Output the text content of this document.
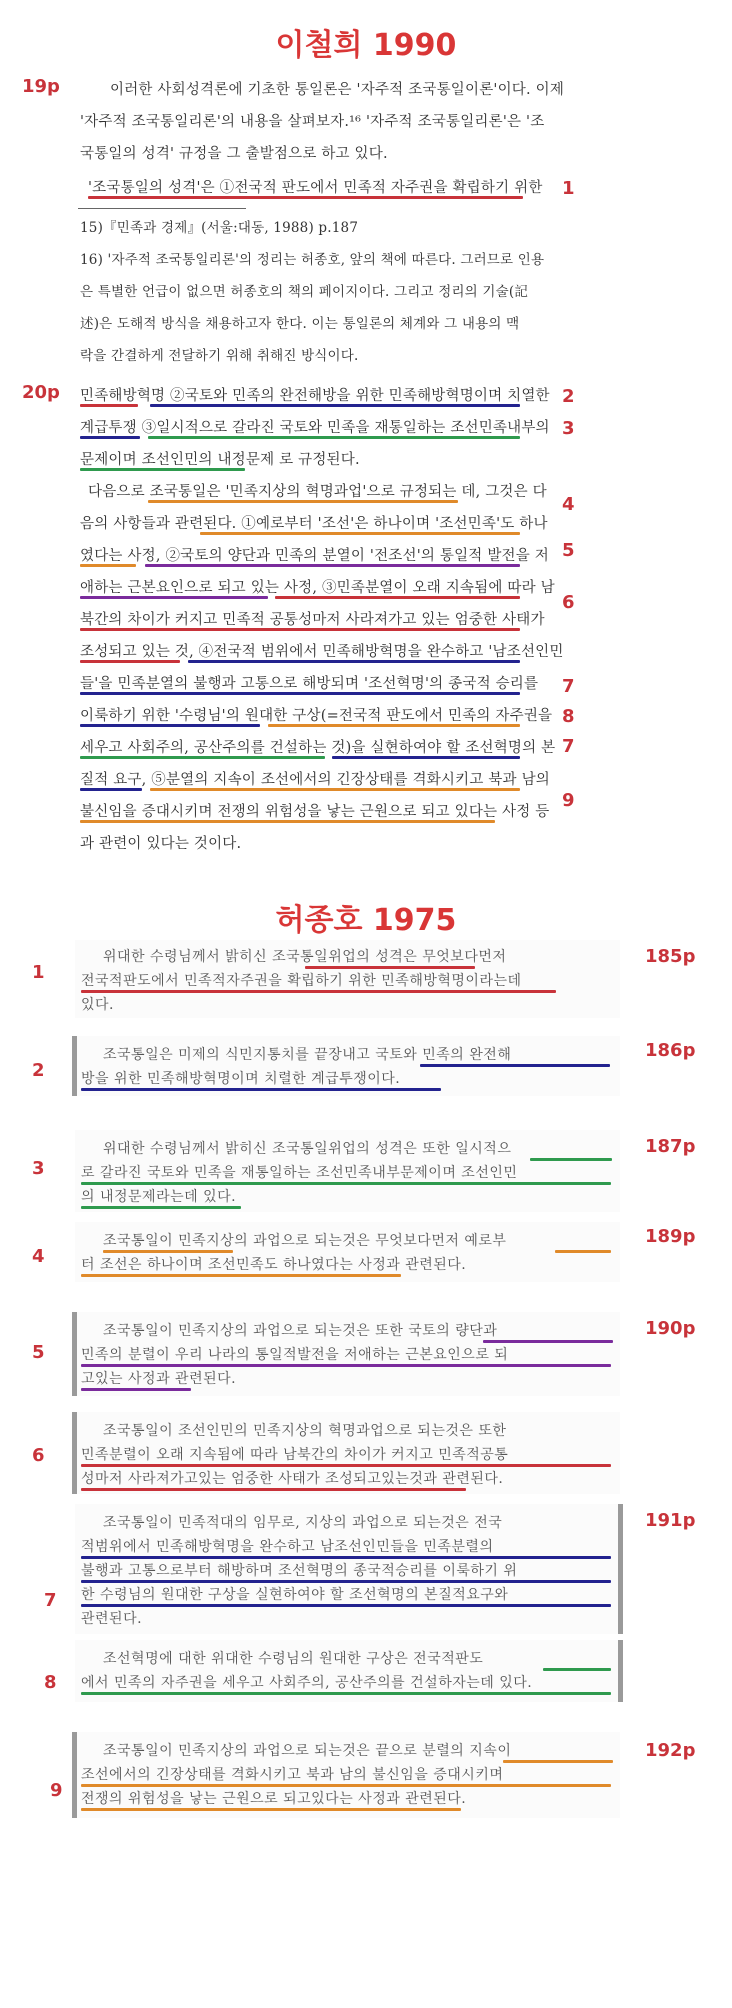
이철희 1990
19p	이러한 사회성격론에 기초한 통일론은 '자주적 조국통일이론'이다. 이제
'자주적 조국통일리론'의 내용을 살펴보자.¹⁶ '자주적 조국통일리론'은 '조
국통일의 성격' 규정을 그 출발점으로 하고 있다.
'조국통일의 성격'은 ①전국적 판도에서 민족적 자주권을 확립하기 위한 1
15)『민족과 경제』(서울:대동, 1988) p.187
16) '자주적 조국통일리론'의 정리는 허종호, 앞의 책에 따른다. 그러므로 인용
은 특별한 언급이 없으면 허종호의 책의 페이지이다. 그리고 정리의 기술(記
述)은 도해적 방식을 채용하고자 한다. 이는 통일론의 체계와 그 내용의 맥
락을 간결하게 전달하기 위해 취해진 방식이다.
20p 민족해방혁명 ②국토와 민족의 완전해방을 위한 민족해방혁명이며 치열한 2
계급투쟁 ③일시적으로 갈라진 국토와 민족을 재통일하는 조선민족내부의 3
문제이며 조선인민의 내정문제 로 규정된다.
다음으로 조국통일은 '민족지상의 혁명과업'으로 규정되는 데, 그것은 다
4
음의 사항들과 관련된다. ①예로부터 '조선'은 하나이며 '조선민족'도 하나
였다는 사정, ②국토의 양단과 민족의 분열이 '전조선'의 통일적 발전을 저 5
애하는 근본요인으로 되고 있는 사정, ③민족분열이 오래 지속됨에 따라 남
북간의 차이가 커지고 민족적 공통성마저 사라져가고 있는 엄중한 사태가
6
조성되고 있는 것, ④전국적 범위에서 민족해방혁명을 완수하고 '남조선인민
들'을 민족분열의 불행과 고통으로 해방되며 '조선혁명'의 종국적 승리를 7
이룩하기 위한 '수령님'의 원대한 구상(=전국적 판도에서 민족의 자주권을 8
세우고 사회주의, 공산주의를 건설하는 것)을 실현하여야 할 조선혁명의 본 7
질적 요구, ⑤분열의 지속이 조선에서의 긴장상태를 격화시키고 북과 남의
불신임을 증대시키며 전쟁의 위험성을 낳는 근원으로 되고 있다는 사정 등
9
과 관련이 있다는 것이다.
허종호 1975
1
185p
위대한 수령님께서 밝히신 조국통일위업의 성격은 무엇보다먼저
전국적판도에서 민족적자주권을 확립하기 위한 민족해방혁명이라는데
있다.
2
186p
조국통일은 미제의 식민지통치를 끝장내고 국토와 민족의 완전해
방을 위한 민족해방혁명이며 치렬한 계급투쟁이다.
3
187p
위대한 수령님께서 밝히신 조국통일위업의 성격은 또한 일시적으
로 갈라진 국토와 민족을 재통일하는 조선민족내부문제이며 조선인민
의 내정문제라는데 있다.
4
189p
조국통일이 민족지상의 과업으로 되는것은 무엇보다먼저 예로부
터 조선은 하나이며 조선민족도 하나였다는 사정과 관련된다.
5
190p
조국통일이 민족지상의 과업으로 되는것은 또한 국토의 량단과
민족의 분렬이 우리 나라의 통일적발전을 저애하는 근본요인으로 되
고있는 사정과 관련된다.
6
조국통일이 조선인민의 민족지상의 혁명과업으로 되는것은 또한
민족분렬이 오래 지속됨에 따라 남북간의 차이가 커지고 민족적공통
성마저 사라져가고있는 엄중한 사태가 조성되고있는것과 관련된다.
7
191p
조국통일이 민족적대의 임무로, 지상의 과업으로 되는것은 전국
적범위에서 민족해방혁명을 완수하고 남조선인민들을 민족분렬의
불행과 고통으로부터 해방하며 조선혁명의 종국적승리를 이룩하기 위
한 수령님의 원대한 구상을 실현하여야 할 조선혁명의 본질적요구와
관련된다.
8
조선혁명에 대한 위대한 수령님의 원대한 구상은 전국적판도
에서 민족의 자주권을 세우고 사회주의, 공산주의를 건설하자는데 있다.
9
192p
조국통일이 민족지상의 과업으로 되는것은 끝으로 분렬의 지속이
조선에서의 긴장상태를 격화시키고 북과 남의 불신임을 증대시키며
전쟁의 위험성을 낳는 근원으로 되고있다는 사정과 관련된다.
